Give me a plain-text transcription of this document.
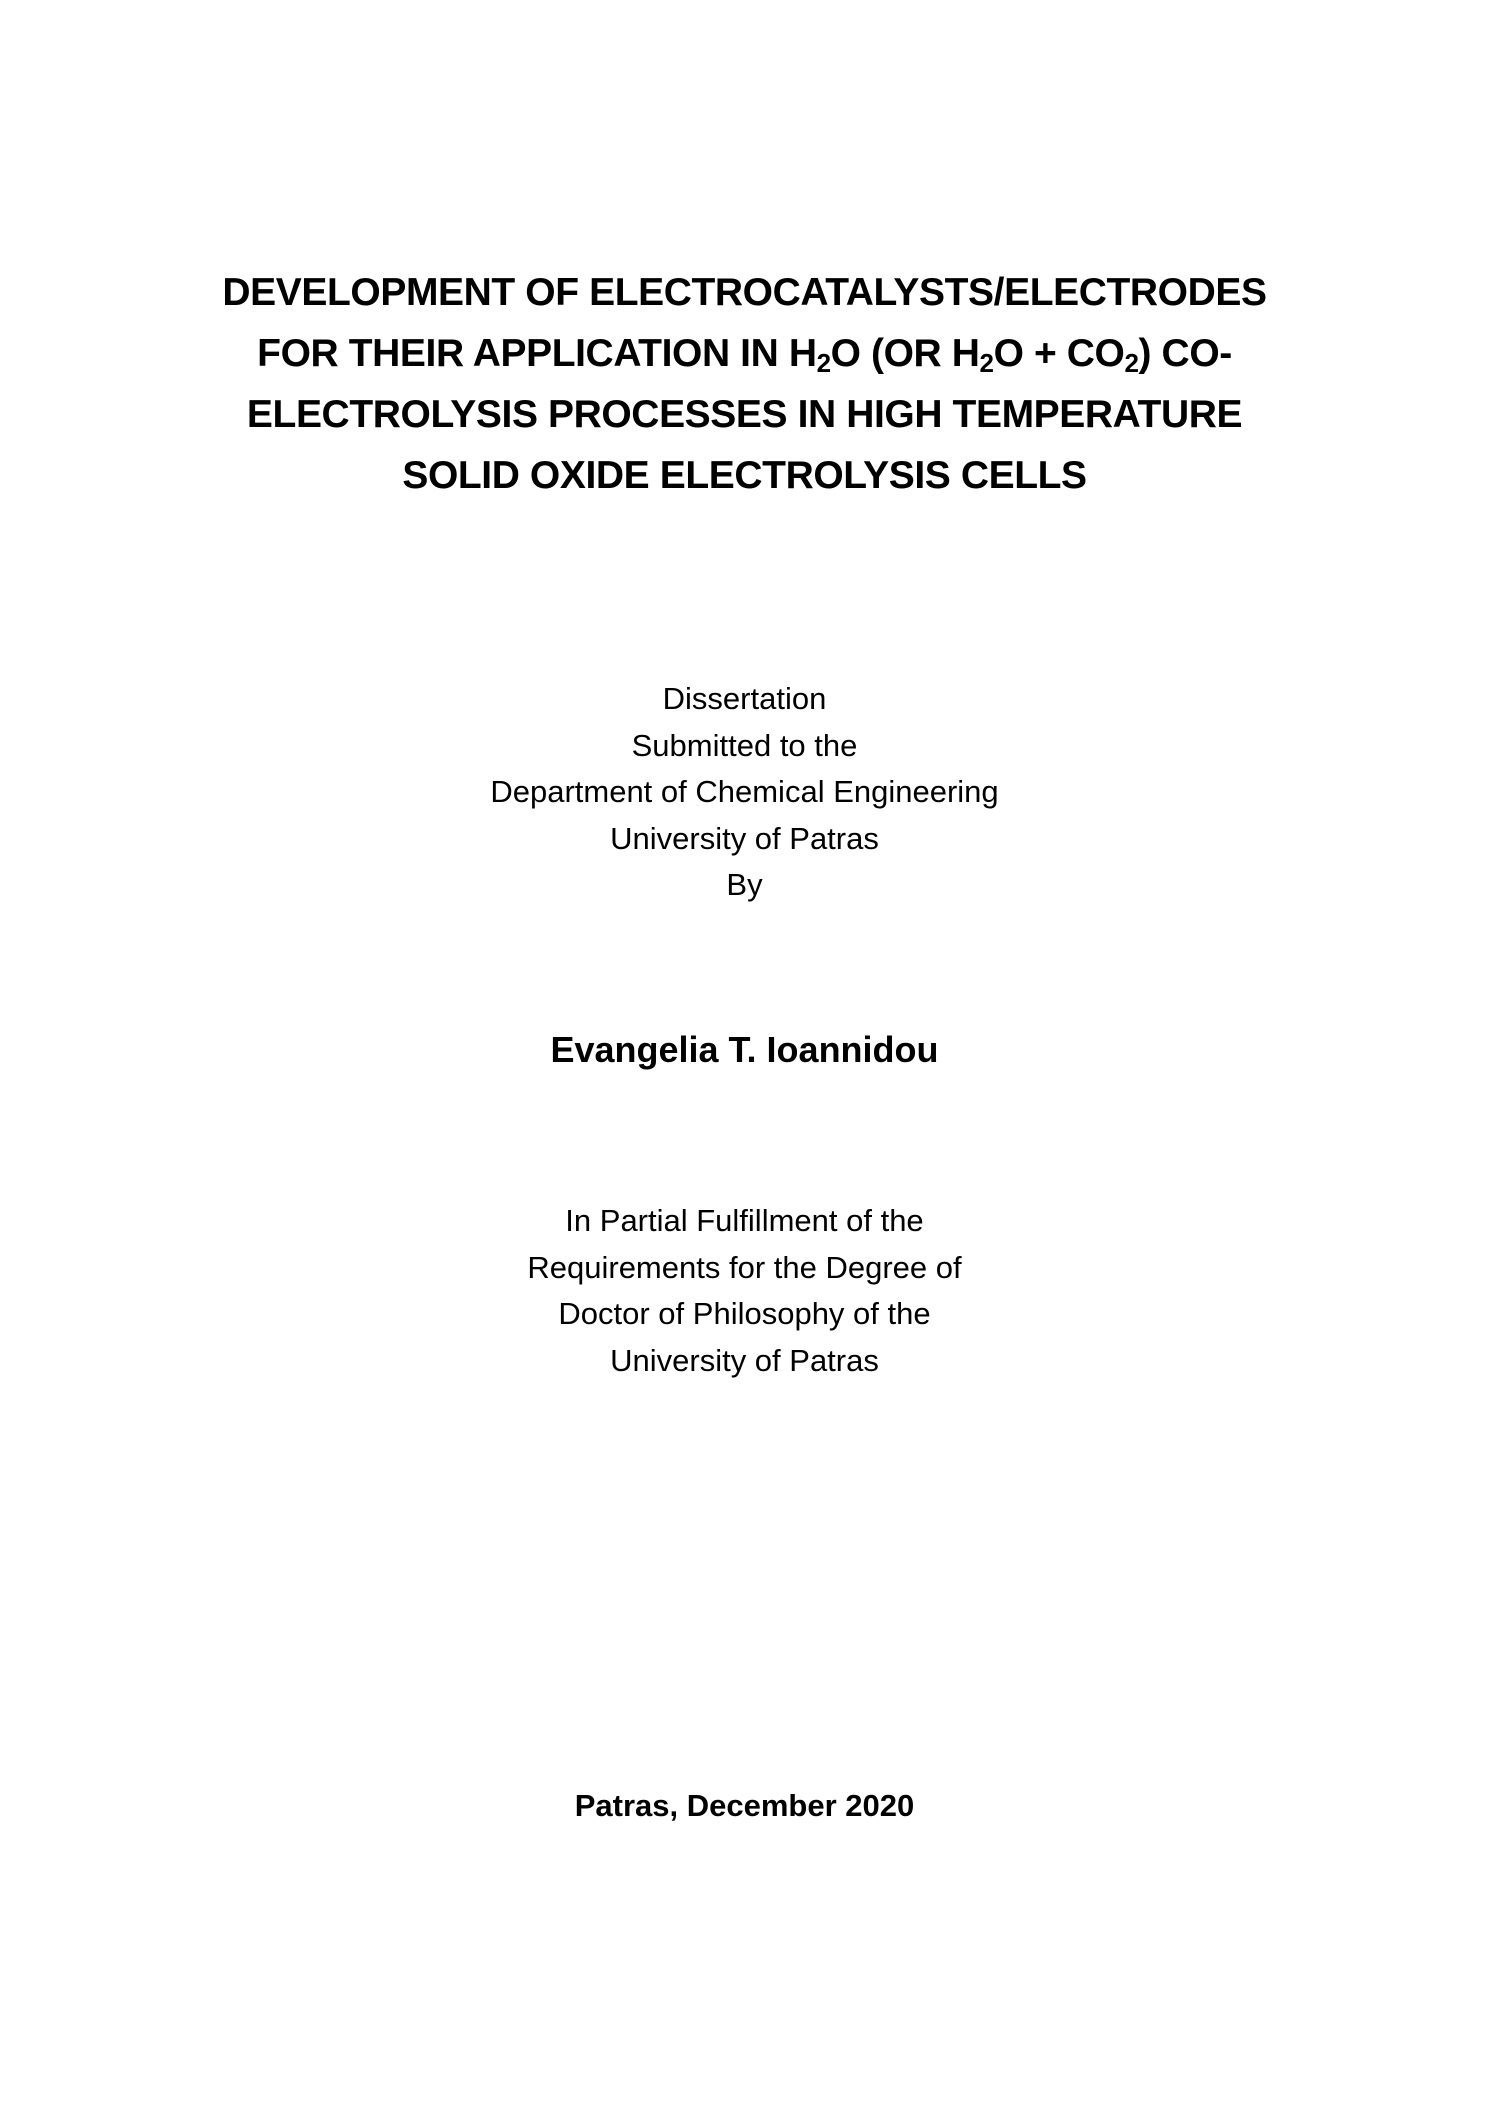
DEVELOPMENT OF ELECTROCATALYSTS/ELECTRODES
FOR THEIR APPLICATION IN $H_2O$ (OR $H_2O + CO_2$) CO-
ELECTROLYSIS PROCESSES IN HIGH TEMPERATURE
SOLID OXIDE ELECTROLYSIS CELLS
Dissertation
Submitted to the
Department of Chemical Engineering
University of Patras
By
Evangelia T. Ioannidou
In Partial Fulfillment of the
Requirements for the Degree of
Doctor of Philosophy of the
University of Patras
Patras, December 2020
